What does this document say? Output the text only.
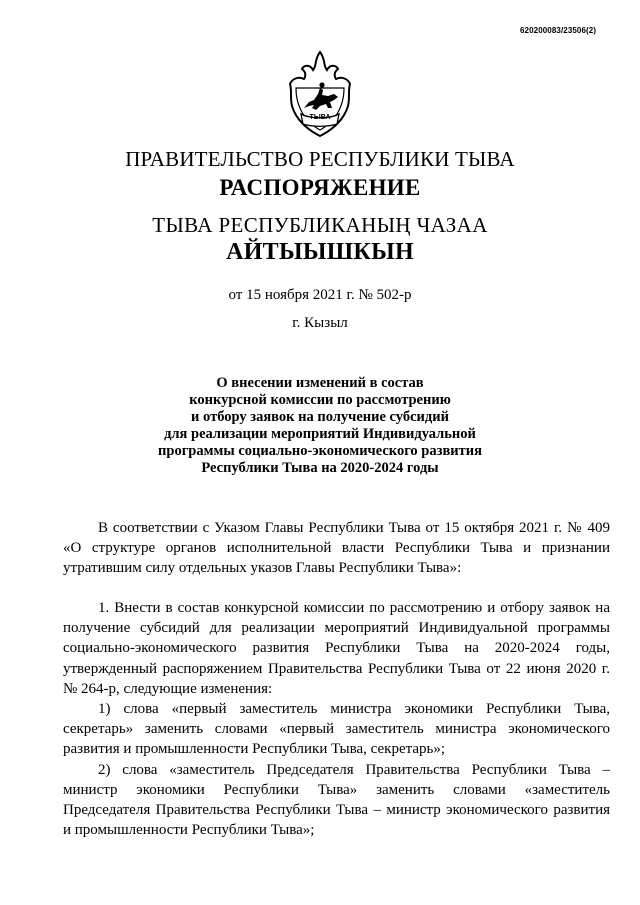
620200083/23506(2)
ТЫВА
ПРАВИТЕЛЬСТВО РЕСПУБЛИКИ ТЫВА
РАСПОРЯЖЕНИЕ
ТЫВА РЕСПУБЛИКАНЫҢ ЧАЗАА
АЙТЫЫШКЫН
от 15 ноября 2021 г. № 502-р
г. Кызыл
О внесении изменений в состав
конкурсной комиссии по рассмотрению
и отбору заявок на получение субсидий
для реализации мероприятий Индивидуальной
программы социально-экономического развития
Республики Тыва на 2020-2024 годы

В соответствии с Указом Главы Республики Тыва от 15 октября 2021 г. № 409 «О структуре органов исполнительной власти Республики Тыва и признании утратившим силу отдельных указов Главы Республики Тыва»:

1. Внести в состав конкурсной комиссии по рассмотрению и отбору заявок на получение субсидий для реализации мероприятий Индивидуальной программы социально-экономического развития Республики Тыва на 2020-2024 годы, утвержденный распоряжением Правительства Республики Тыва от 22 июня 2020 г. № 264-р, следующие изменения:

1) слова «первый заместитель министра экономики Республики Тыва, секретарь» заменить словами «первый заместитель министра экономического развития и промышленности Республики Тыва, секретарь»;

2) слова «заместитель Председателя Правительства Республики Тыва – министр экономики Республики Тыва» заменить словами «заместитель Председателя Правительства Республики Тыва – министр экономического развития и промышленности Республики Тыва»;
